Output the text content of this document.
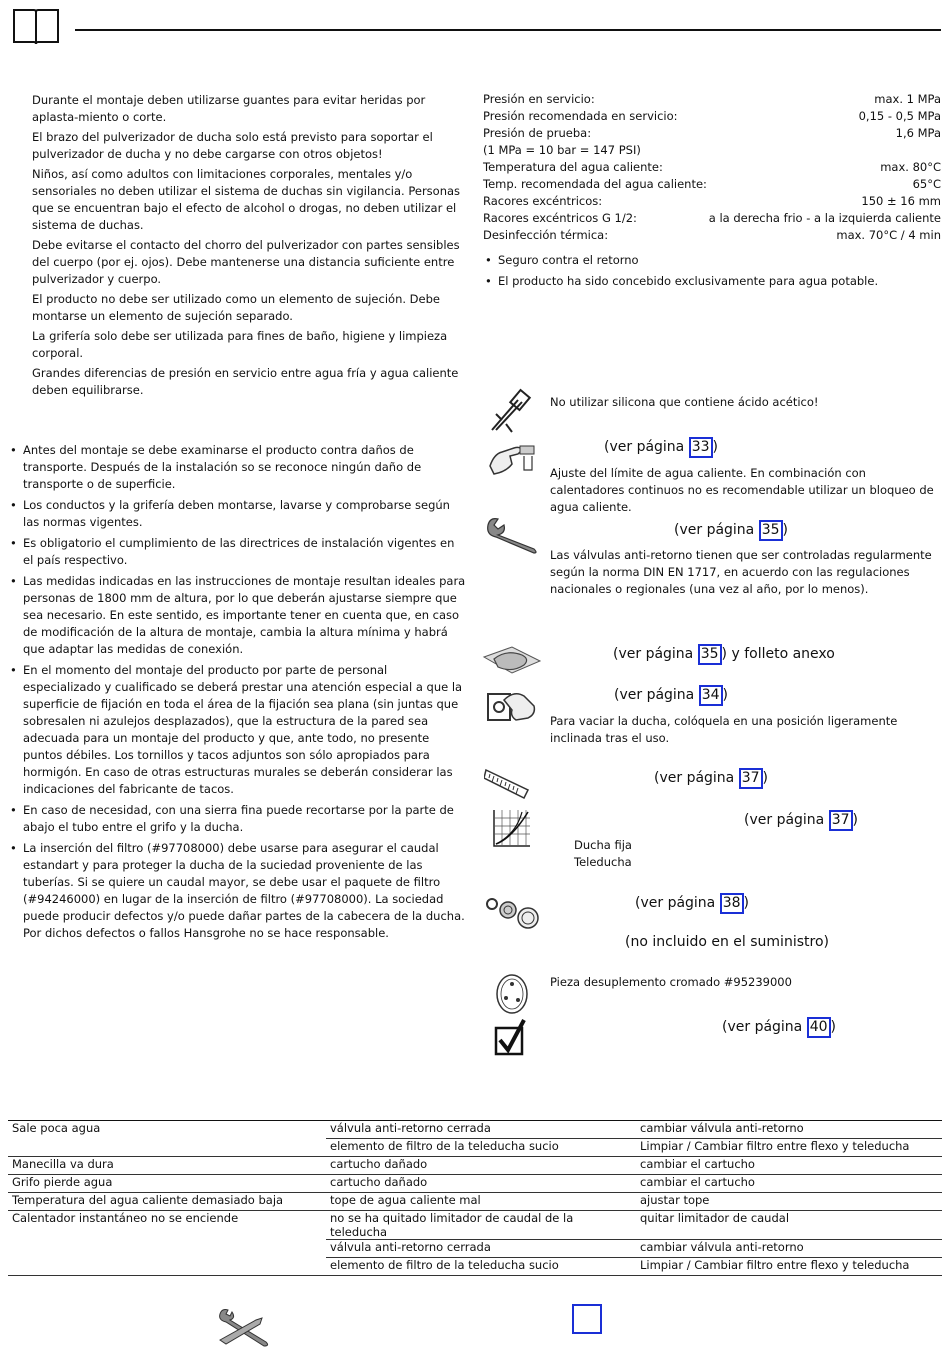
Durante el montaje deben utilizarse guantes para evitar heridas por aplasta-miento o corte.

El brazo del pulverizador de ducha solo está previsto para soportar el pulverizador de ducha y no debe cargarse con otros objetos!

Niños, así como adultos con limitaciones corporales, mentales y/o sensoriales no deben utilizar el sistema de duchas sin vigilancia. Personas que se encuentran bajo el efecto de alcohol o drogas, no deben utilizar el sistema de duchas.

Debe evitarse el contacto del chorro del pulverizador con partes sensibles del cuerpo (por ej. ojos). Debe mantenerse una distancia suficiente entre pulverizador y cuerpo.

El producto no debe ser utilizado como un elemento de sujeción. Debe montarse un elemento de sujeción separado.

La grifería solo debe ser utilizada para fines de baño, higiene y limpieza corporal.

Grandes diferencias de presión en servicio entre agua fría y agua caliente deben equilibrarse.

• Antes del montaje se debe examinarse el producto contra daños de transporte. Después de la instalación so se reconoce ningún daño de transporte o de superficie.

• Los conductos y la grifería deben montarse, lavarse y comprobarse según las normas vigentes.

• Es obligatorio el cumplimiento de las directrices de instalación vigentes en el país respectivo.

• Las medidas indicadas en las instrucciones de montaje resultan ideales para personas de 1800 mm de altura, por lo que deberán ajustarse siempre que sea necesario. En este sentido, es importante tener en cuenta que, en caso de modificación de la altura de montaje, cambia la altura mínima y habrá que adaptar las medidas de conexión.

• En el momento del montaje del producto por parte de personal especializado y cualificado se deberá prestar una atención especial a que la superficie de fijación en toda el área de la fijación sea plana (sin juntas que sobresalen ni azulejos desplazados), que la estructura de la pared sea adecuada para un montaje del producto y que, ante todo, no presente puntos débiles. Los tornillos y tacos adjuntos son sólo apropiados para hormigón. En caso de otras estructuras murales se deberán considerar las indicaciones del fabricante de tacos.

• En caso de necesidad, con una sierra fina puede recortarse por la parte de abajo el tubo entre el grifo y la ducha.

• La inserción del filtro (#97708000) debe usarse para asegurar el caudal estandart y para proteger la ducha de la suciedad proveniente de las tuberías. Si se quiere un caudal mayor, se debe usar el paquete de filtro (#94246000) en lugar de la inserción de filtro (#97708000). La sociedad puede producir defectos y/o puede dañar partes de la cabecera de la ducha. Por dichos defectos o fallos Hansgrohe no se hace responsable.

Presión en servicio:	max. 1 MPa
Presión recomendada en servicio:	0,15 - 0,5 MPa
Presión de prueba:	1,6 MPa
(1 MPa = 10 bar = 147 PSI)
Temperatura del agua caliente:	max. 80°C
Temp. recomendada del agua caliente:	65°C
Racores excéntricos:	150 ± 16 mm
Racores excéntricos G 1/2:	a la derecha frio - a la izquierda caliente
Desinfección térmica:	max. 70°C / 4 min

• Seguro contra el retorno

• El producto ha sido concebido exclusivamente para agua potable.

No utilizar silicona que contiene ácido acético!
(ver página 33 )
Ajuste del límite de agua caliente. En combinación con calentadores continuos no es recomendable utilizar un bloqueo de agua caliente.
(ver página 35 )
Las válvulas anti-retorno tienen que ser controladas regularmente según la norma DIN EN 1717, en acuerdo con las regulaciones nacionales o regionales (una vez al año, por lo menos).
(ver página 35 ) y folleto anexo
(ver página 34 )
Para vaciar la ducha, colóquela en una posición ligeramente inclinada tras el uso.
(ver página 37 )
(ver página 37 )
Ducha fija
Teleducha
(ver página 38 )
(no incluido en el suministro)
Pieza desuplemento cromado #95239000
(ver página 40 )
Sale poca agua	válvula anti-retorno cerrada	cambiar válvula anti-retorno
	elemento de filtro de la teleducha sucio	Limpiar / Cambiar filtro entre flexo y teleducha
Manecilla va dura	cartucho dañado	cambiar el cartucho
Grifo pierde agua	cartucho dañado	cambiar el cartucho
Temperatura del agua caliente demasiado baja	tope de agua caliente mal	ajustar tope
Calentador instantáneo no se enciende	no se ha quitado limitador de caudal de la teleducha	quitar limitador de caudal
	válvula anti-retorno cerrada	cambiar válvula anti-retorno
	elemento de filtro de la teleducha sucio	Limpiar / Cambiar filtro entre flexo y teleducha
